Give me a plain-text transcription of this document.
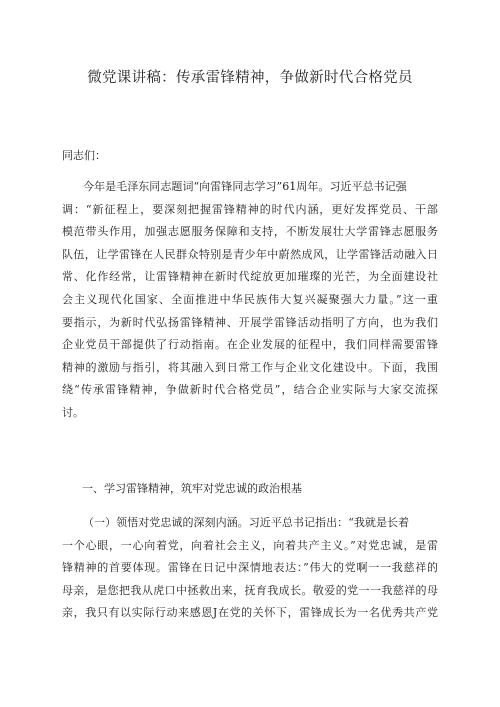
微党课讲稿：传承雷锋精神，争做新时代合格党员
同志们：
今年是毛泽东同志题词“向雷锋同志学习”61周年。习近平总书记强
调：“新征程上，要深刻把握雷锋精神的时代内涵，更好发挥党员、干部
模范带头作用，加强志愿服务保障和支持，不断发展壮大学雷锋志愿服务
队伍，让学雷锋在人民群众特别是青少年中蔚然成风，让学雷锋活动融入日
常、化作经常，让雷锋精神在新时代绽放更加璀璨的光芒，为全面建设社
会主义现代化国家、全面推进中华民族伟大复兴凝聚强大力量。”这一重
要指示，为新时代弘扬雷锋精神、开展学雷锋活动指明了方向，也为我们
企业党员干部提供了行动指南。在企业发展的征程中，我们同样需要雷锋
精神的激励与指引，将其融入到日常工作与企业文化建设中。下面，我围
绕“传承雷锋精神，争做新时代合格党员”，结合企业实际与大家交流探
讨。
一、学习雷锋精神，筑牢对党忠诚的政治根基
（一）领悟对党忠诚的深刻内涵。习近平总书记指出：“我就是长着
一个心眼，一心向着党，向着社会主义，向着共产主义。”对党忠诚，是雷
锋精神的首要体现。雷锋在日记中深情地表达：”伟大的党啊一一我慈祥的
母亲，是您把我从虎口中拯救出来，抚育我成长。敬爱的党一一我慈祥的母
亲，我只有以实际行动来感恩J在党的关怀下，雷锋成长为一名优秀共产党
